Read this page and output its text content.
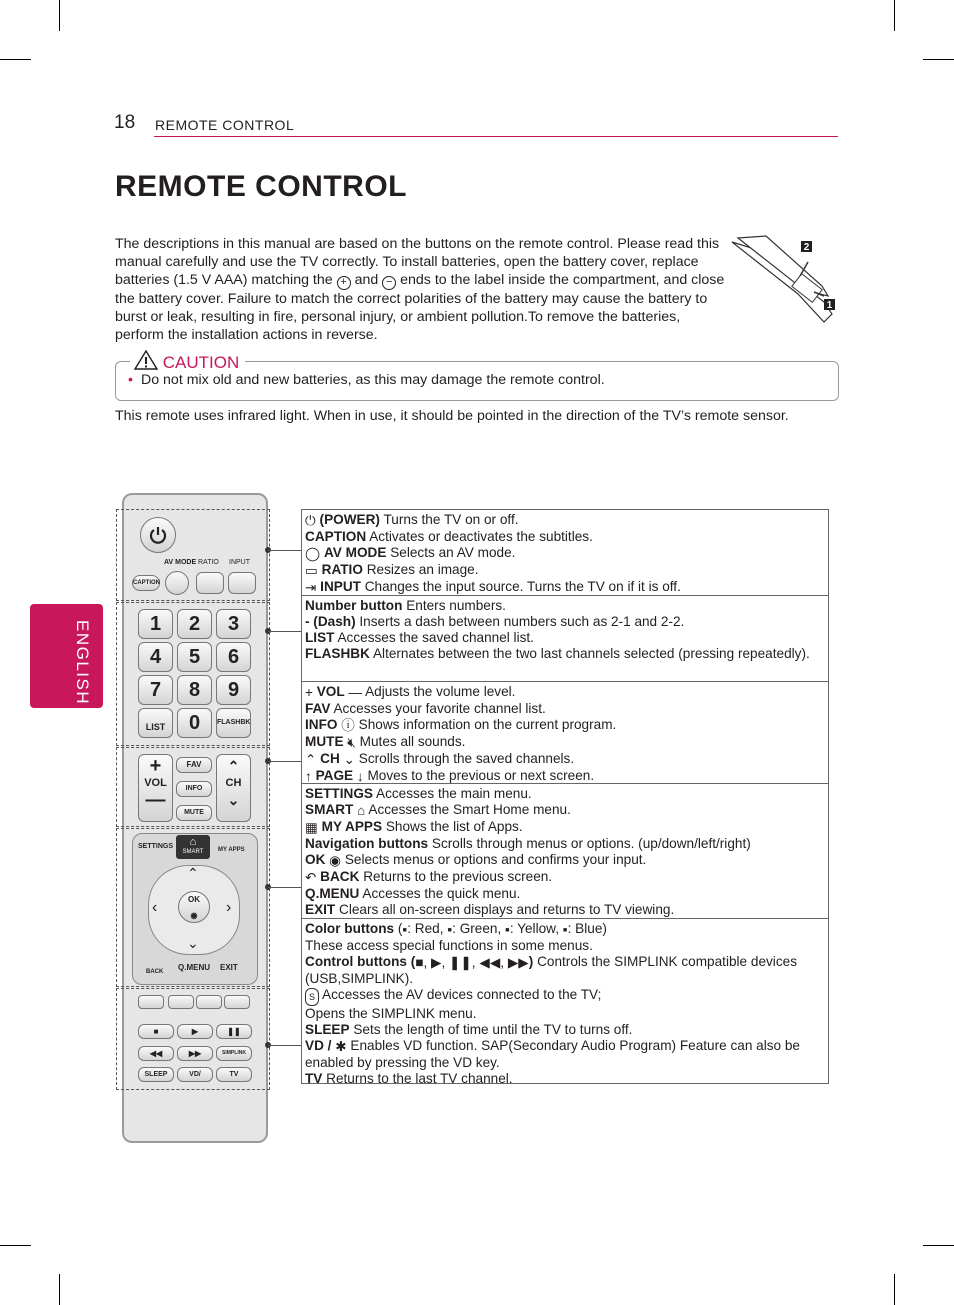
18 REMOTE CONTROL
REMOTE CONTROL
The descriptions in this manual are based on the buttons on the remote control. Please read this manual carefully and use the TV correctly. To install batteries, open the battery cover, replace batteries (1.5 V AAA) matching the + and − ends to the label inside the compartment, and close the battery cover. Failure to match the correct polarities of the battery may cause the battery to burst or leak, resulting in fire, personal injury, or ambient pollution.To remove the batteries, perform the installation actions in reverse.
2
1
CAUTION
• Do not mix old and new batteries, as this may damage the remote control.
This remote uses infrared light. When in use, it should be pointed in the direction of the TV’s remote sensor.
ENGLISH
AV MODE RATIO INPUT
CAPTION
1	2	3
4	5	6
7	8	9
LIST	0	FLASHBK
+
VOL
—
FAV
INFO
MUTE
⌃
CH
⌄
SETTINGS	⌂
SMART	MY APPS
⌃
⌄
‹	›
OK
◉
BACK Q.MENU EXIT
■	▶	❚❚
◀◀	▶▶	SIMPLINK
SLEEP	VD/	TV
⏻ (POWER) Turns the TV on or off.
CAPTION Activates or deactivates the subtitles.
◯ AV MODE Selects an AV mode.
▭ RATIO Resizes an image.
⇥ INPUT Changes the input source. Turns the TV on if it is off.
Number button Enters numbers.
- (Dash) Inserts a dash between numbers such as 2-1 and 2-2.
LIST Accesses the saved channel list.
FLASHBK Alternates between the two last channels selected (pressing repeatedly).
+ VOL — Adjusts the volume level.
FAV Accesses your favorite channel list.
INFO ⓘ Shows information on the current program.
MUTE 🔇︎ Mutes all sounds.
⌃ CH ⌄ Scrolls through the saved channels.
↑ PAGE ↓ Moves to the previous or next screen.
SETTINGS Accesses the main menu.
SMART ⌂ Accesses the Smart Home menu.
▦ MY APPS Shows the list of Apps.
Navigation buttons Scrolls through menus or options. (up/down/left/right)
OK ◉ Selects menus or options and confirms your input.
↶ BACK Returns to the previous screen.
Q.MENU Accesses the quick menu.
EXIT Clears all on-screen displays and returns to TV viewing.
Color buttons (▪: Red, ▪: Green, ▪: Yellow, ▪: Blue)
These access special functions in some menus.
Control buttons (■, ▶, ❚❚, ◀◀, ▶▶) Controls the SIMPLINK compatible devices (USB,SIMPLINK).
S Accesses the AV devices connected to the TV;
Opens the SIMPLINK menu.
SLEEP Sets the length of time until the TV to turns off.
VD / ✱ Enables VD function. SAP(Secondary Audio Program) Feature can also be enabled by pressing the VD key.
TV Returns to the last TV channel.
